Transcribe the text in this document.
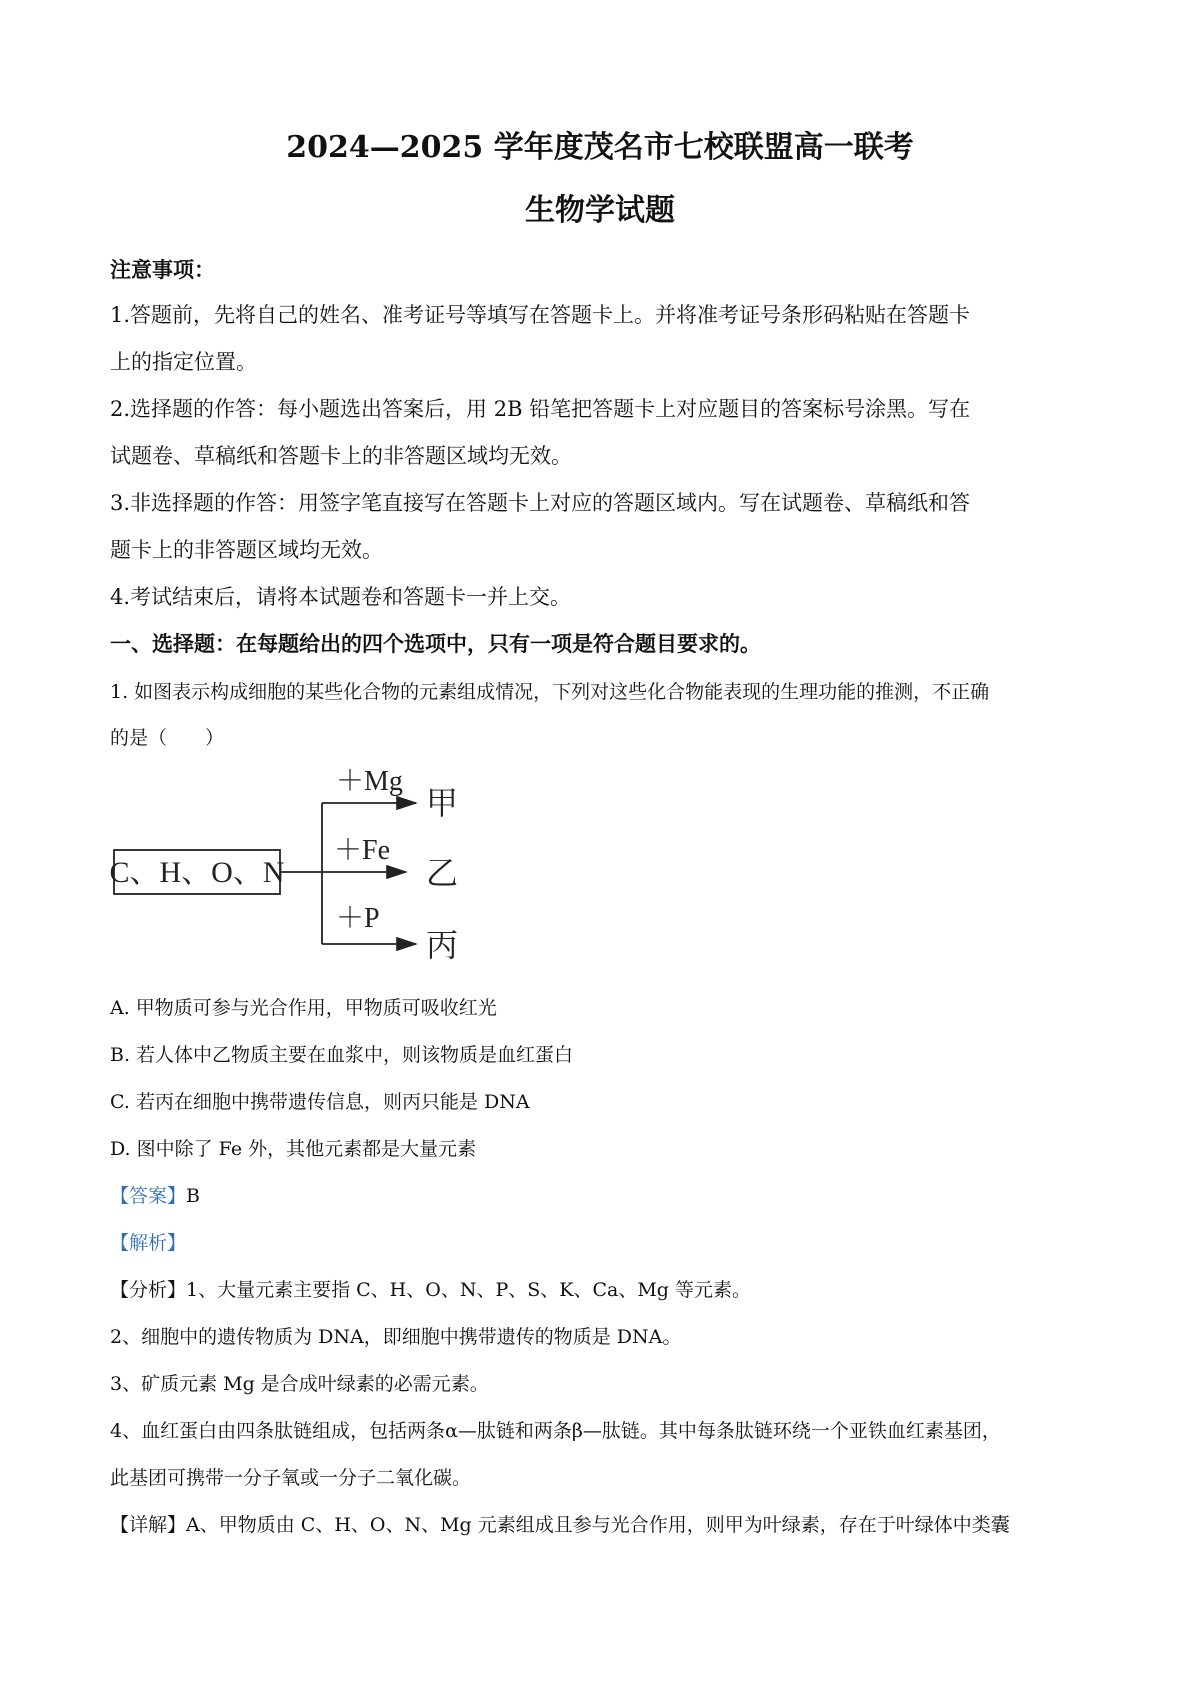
2024—2025 学年度茂名市七校联盟高一联考
生物学试题
注意事项：
1.答题前，先将自己的姓名、准考证号等填写在答题卡上。并将准考证号条形码粘贴在答题卡
上的指定位置。
2.选择题的作答：每小题选出答案后，用 2B 铅笔把答题卡上对应题目的答案标号涂黑。写在
试题卷、草稿纸和答题卡上的非答题区域均无效。
3.非选择题的作答：用签字笔直接写在答题卡上对应的答题区域内。写在试题卷、草稿纸和答
题卡上的非答题区域均无效。
4.考试结束后，请将本试题卷和答题卡一并上交。
一、选择题：在每题给出的四个选项中，只有一项是符合题目要求的。
1. 如图表示构成细胞的某些化合物的元素组成情况，下列对这些化合物能表现的生理功能的推测，不正确
的是（　　）
C、H、O、N
＋Mg
＋Fe
＋P
甲
乙
丙
A. 甲物质可参与光合作用，甲物质可吸收红光
B. 若人体中乙物质主要在血浆中，则该物质是血红蛋白
C. 若丙在细胞中携带遗传信息，则丙只能是 DNA
D. 图中除了 Fe 外，其他元素都是大量元素
【答案】B
【解析】
【分析】1、大量元素主要指 C、H、O、N、P、S、K、Ca、Mg 等元素。
2、细胞中的遗传物质为 DNA，即细胞中携带遗传的物质是 DNA。
3、矿质元素 Mg 是合成叶绿素的必需元素。
4、血红蛋白由四条肽链组成，包括两条α—肽链和两条β—肽链。其中每条肽链环绕一个亚铁血红素基团，
此基团可携带一分子氧或一分子二氧化碳。
【详解】A、甲物质由 C、H、O、N、Mg 元素组成且参与光合作用，则甲为叶绿素，存在于叶绿体中类囊
